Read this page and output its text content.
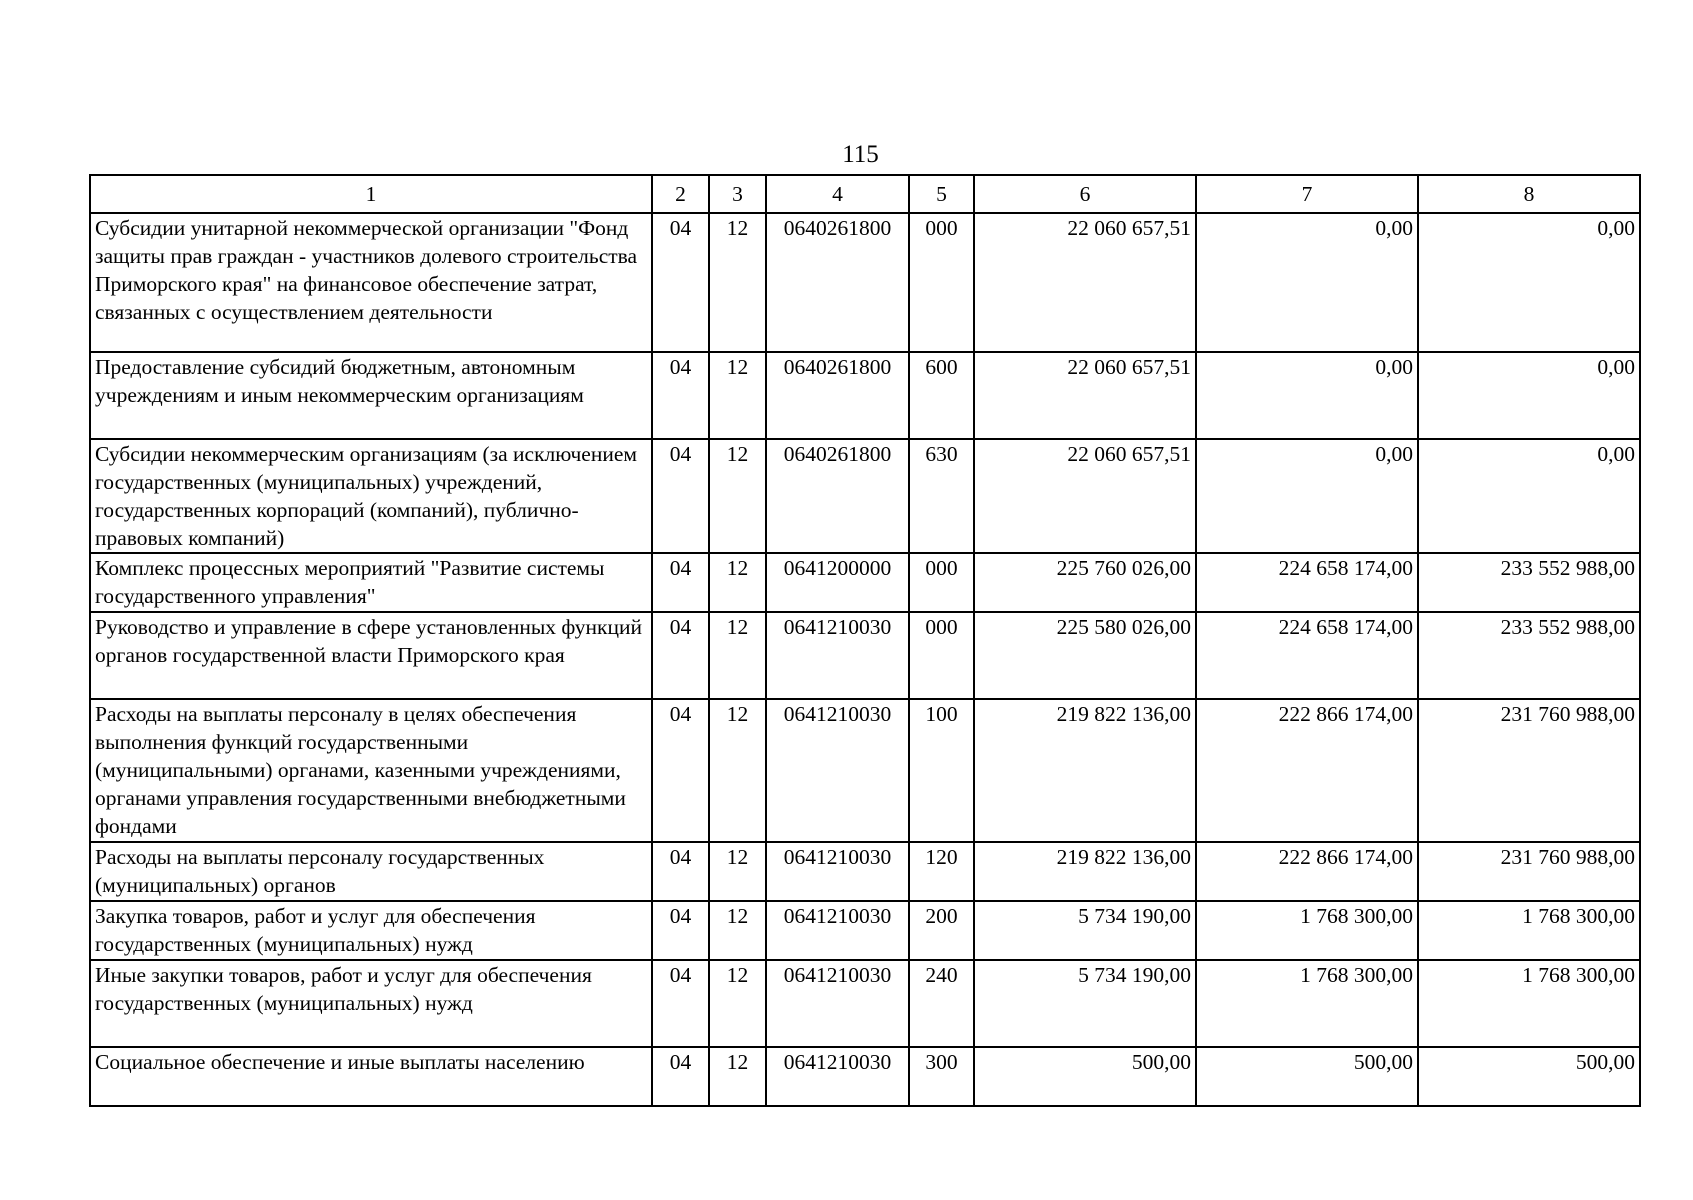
115
1	2	3	4	5	6	7	8
Субсидии унитарной некоммерческой организации "Фонд защиты прав граждан - участников долевого строительства Приморского края" на финансовое обеспечение затрат, связанных с осуществлением деятельности	04	12	0640261800	000	22 060 657,51	0,00	0,00
Предоставление субсидий бюджетным, автономным учреждениям и иным некоммерческим организациям	04	12	0640261800	600	22 060 657,51	0,00	0,00
Субсидии некоммерческим организациям (за исключением государственных (муниципальных) учреждений, государственных корпораций (компаний), публично-правовых компаний)	04	12	0640261800	630	22 060 657,51	0,00	0,00
Комплекс процессных мероприятий "Развитие системы государственного управления"	04	12	0641200000	000	225 760 026,00	224 658 174,00	233 552 988,00
Руководство и управление в сфере установленных функций органов государственной власти Приморского края	04	12	0641210030	000	225 580 026,00	224 658 174,00	233 552 988,00
Расходы на выплаты персоналу в целях обеспечения выполнения функций государственными (муниципальными) органами, казенными учреждениями, органами управления государственными внебюджетными фондами	04	12	0641210030	100	219 822 136,00	222 866 174,00	231 760 988,00
Расходы на выплаты персоналу государственных (муниципальных) органов	04	12	0641210030	120	219 822 136,00	222 866 174,00	231 760 988,00
Закупка товаров, работ и услуг для обеспечения государственных (муниципальных) нужд	04	12	0641210030	200	5 734 190,00	1 768 300,00	1 768 300,00
Иные закупки товаров, работ и услуг для обеспечения государственных (муниципальных) нужд	04	12	0641210030	240	5 734 190,00	1 768 300,00	1 768 300,00
Социальное обеспечение и иные выплаты населению	04	12	0641210030	300	500,00	500,00	500,00
